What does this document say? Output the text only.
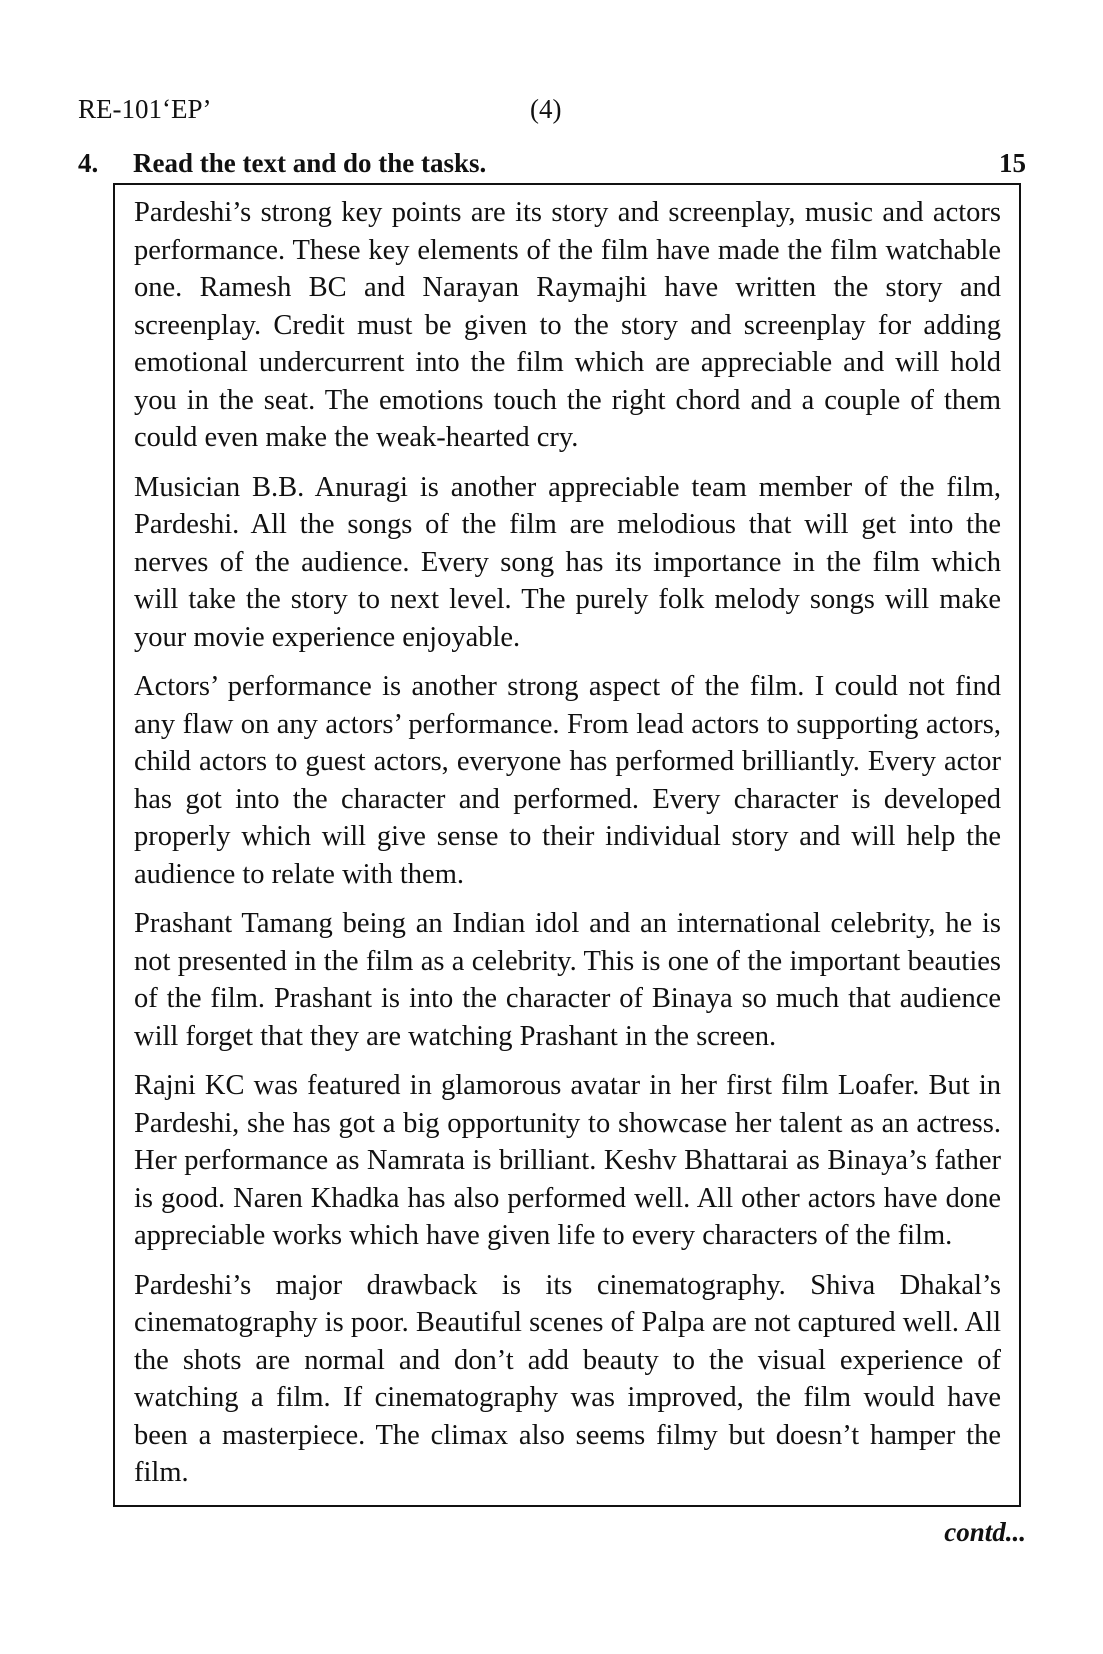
RE-101‘EP’	(4)
4. Read the text and do the tasks.	15

Pardeshi’s strong key points are its story and screenplay, music and actors performance. These key elements of the film have made the film watchable one. Ramesh BC and Narayan Raymajhi have written the story and screenplay. Credit must be given to the story and screenplay for adding emotional undercurrent into the film which are appreciable and will hold you in the seat. The emotions touch the right chord and a couple of them could even make the weak-hearted cry.

Musician B.B. Anuragi is another appreciable team member of the film, Pardeshi. All the songs of the film are melodious that will get into the nerves of the audience. Every song has its importance in the film which will take the story to next level. The purely folk melody songs will make your movie experience enjoyable.

Actors’ performance is another strong aspect of the film. I could not find any flaw on any actors’ performance. From lead actors to supporting actors, child actors to guest actors, everyone has performed brilliantly. Every actor has got into the character and performed. Every character is developed properly which will give sense to their individual story and will help the audience to relate with them.

Prashant Tamang being an Indian idol and an international celebrity, he is not presented in the film as a celebrity. This is one of the important beauties of the film. Prashant is into the character of Binaya so much that audience will forget that they are watching Prashant in the screen.

Rajni KC was featured in glamorous avatar in her first film Loafer. But in Pardeshi, she has got a big opportunity to showcase her talent as an actress. Her performance as Namrata is brilliant. Keshv Bhattarai as Binaya’s father is good. Naren Khadka has also performed well. All other actors have done appreciable works which have given life to every characters of the film.

Pardeshi’s major drawback is its cinematography. Shiva Dhakal’s cinematography is poor. Beautiful scenes of Palpa are not captured well. All the shots are normal and don’t add beauty to the visual experience of watching a film. If cinematography was improved, the film would have been a masterpiece. The climax also seems filmy but doesn’t hamper the film.

contd...
